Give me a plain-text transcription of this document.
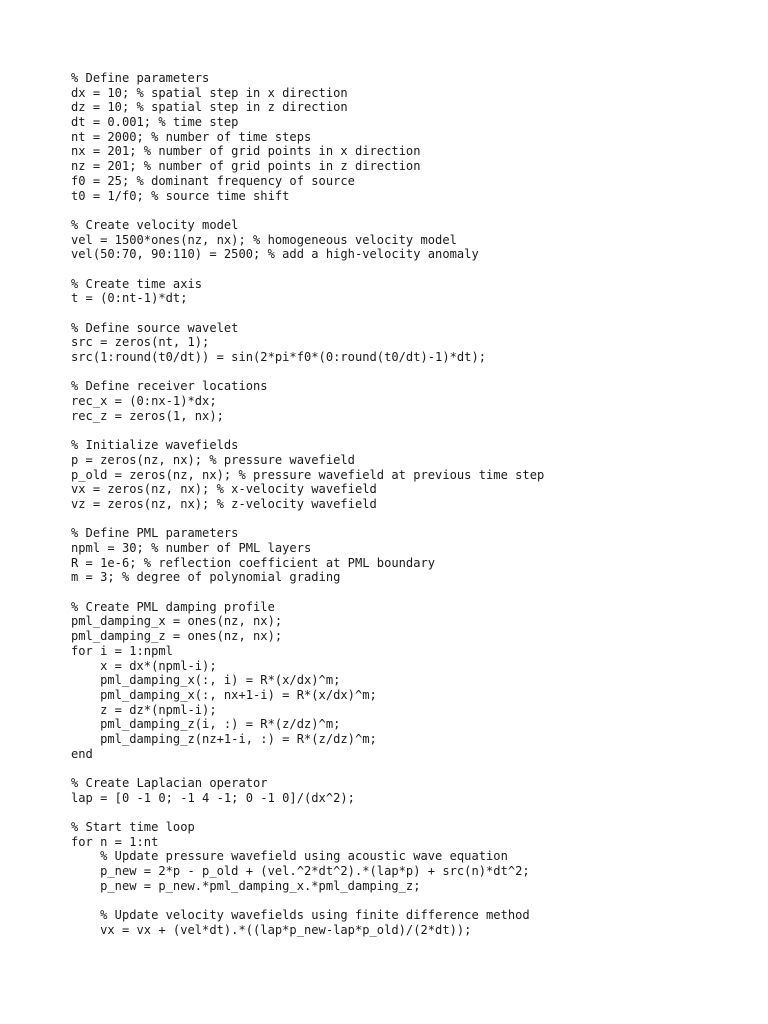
% Define parameters
dx = 10; % spatial step in x direction
dz = 10; % spatial step in z direction
dt = 0.001; % time step
nt = 2000; % number of time steps
nx = 201; % number of grid points in x direction
nz = 201; % number of grid points in z direction
f0 = 25; % dominant frequency of source
t0 = 1/f0; % source time shift
% Create velocity model
vel = 1500*ones(nz, nx); % homogeneous velocity model
vel(50:70, 90:110) = 2500; % add a high-velocity anomaly
% Create time axis
t = (0:nt-1)*dt;
% Define source wavelet
src = zeros(nt, 1);
src(1:round(t0/dt)) = sin(2*pi*f0*(0:round(t0/dt)-1)*dt);
% Define receiver locations
rec_x = (0:nx-1)*dx;
rec_z = zeros(1, nx);
% Initialize wavefields
p = zeros(nz, nx); % pressure wavefield
p_old = zeros(nz, nx); % pressure wavefield at previous time step
vx = zeros(nz, nx); % x-velocity wavefield
vz = zeros(nz, nx); % z-velocity wavefield
% Define PML parameters
npml = 30; % number of PML layers
R = 1e-6; % reflection coefficient at PML boundary
m = 3; % degree of polynomial grading
% Create PML damping profile
pml_damping_x = ones(nz, nx);
pml_damping_z = ones(nz, nx);
for i = 1:npml
x = dx*(npml-i);
pml_damping_x(:, i) = R*(x/dx)^m;
pml_damping_x(:, nx+1-i) = R*(x/dx)^m;
z = dz*(npml-i);
pml_damping_z(i, :) = R*(z/dz)^m;
pml_damping_z(nz+1-i, :) = R*(z/dz)^m;
end
% Create Laplacian operator
lap = [0 -1 0; -1 4 -1; 0 -1 0]/(dx^2);
% Start time loop
for n = 1:nt
% Update pressure wavefield using acoustic wave equation
p_new = 2*p - p_old + (vel.^2*dt^2).*(lap*p) + src(n)*dt^2;
p_new = p_new.*pml_damping_x.*pml_damping_z;
% Update velocity wavefields using finite difference method
vx = vx + (vel*dt).*((lap*p_new-lap*p_old)/(2*dt));
